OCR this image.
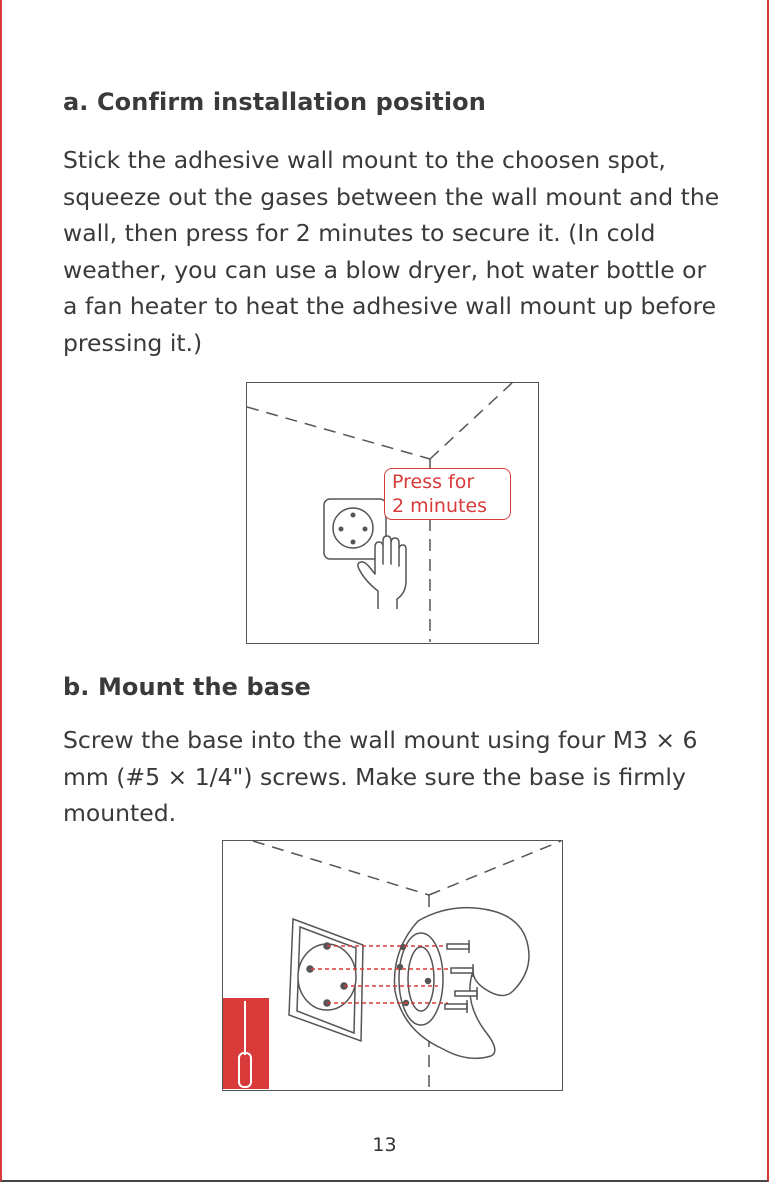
a. Confirm installation position

Stick the adhesive wall mount to the choosen spot, squeeze out the gases between the wall mount and the wall, then press for 2 minutes to secure it. (In cold weather, you can use a blow dryer, hot water bottle or a fan heater to heat the adhesive wall mount up before pressing it.)

Press for
2 minutes
b. Mount the base

Screw the base into the wall mount using four M3 × 6 mm (#5 × 1/4") screws. Make sure the base is firmly mounted.

13
